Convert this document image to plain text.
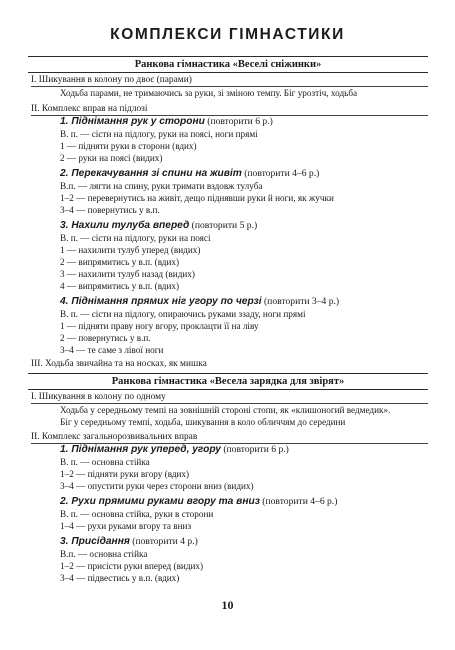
КОМПЛЕКСИ ГІМНАСТИКИ
Ранкова гімнастика «Веселі сніжинки»
І. Шикування в колону по двоє (парами)
Ходьба парами, не тримаючись за руки, зі зміною темпу. Біг урозтіч, ходьба
ІІ. Комплекс вправ на підлозі
1. Піднімання рук у сторони (повторити 6 р.)
В. п. — сісти на підлогу, руки на поясі, ноги прямі
1 — підняти руки в сторони (вдих)
2 — руки на поясі (видих)
2. Перекачування зі спини на живіт (повторити 4–6 р.)
В.п. — лягти на спину, руки тримати вздовж тулуба
1–2 — перевернутись на живіт, дещо піднявши руки й ноги, як жучки
3–4 — повернутись у в.п.
3. Нахили тулуба вперед (повторити 5 р.)
В. п. — сісти на підлогу, руки на поясі
1 — нахилити тулуб уперед (видих)
2 — випрямитись у в.п. (вдих)
3 — нахилити тулуб назад (видих)
4 — випрямитись у в.п. (вдих)
4. Піднімання прямих ніг угору по черзі (повторити 3–4 р.)
В. п. — сісти на підлогу, опираючись руками ззаду, ноги прямі
1 — підняти праву ногу вгору, проклацти її на ліву
2 — повернутись у в.п.
3–4 — те саме з лівої ноги
ІІІ. Ходьба звичайна та на носках, як мишка
Ранкова гімнастика «Весела зарядка для звірят»
І. Шикування в колону по одному
Ходьба у середньому темпі на зовнішній стороні стопи, як «клишоногий ведмедик».
Біг у середньому темпі, ходьба, шикування в коло обличчям до середини
ІІ. Комплекс загальнорозвивальних вправ
1. Піднімання рук уперед, угору (повторити 6 р.)
В. п. — основна стійка
1–2 — підняти руки вгору (вдих)
3–4 — опустити руки через сторони вниз (видих)
2. Рухи прямими руками вгору та вниз (повторити 4–6 р.)
В. п. — основна стійка, руки в сторони
1–4 — рухи руками вгору та вниз
3. Присідання (повторити 4 р.)
В.п. — основна стійка
1–2 — присісти руки вперед (видих)
3–4 — підвестись у в.п. (вдих)
10
